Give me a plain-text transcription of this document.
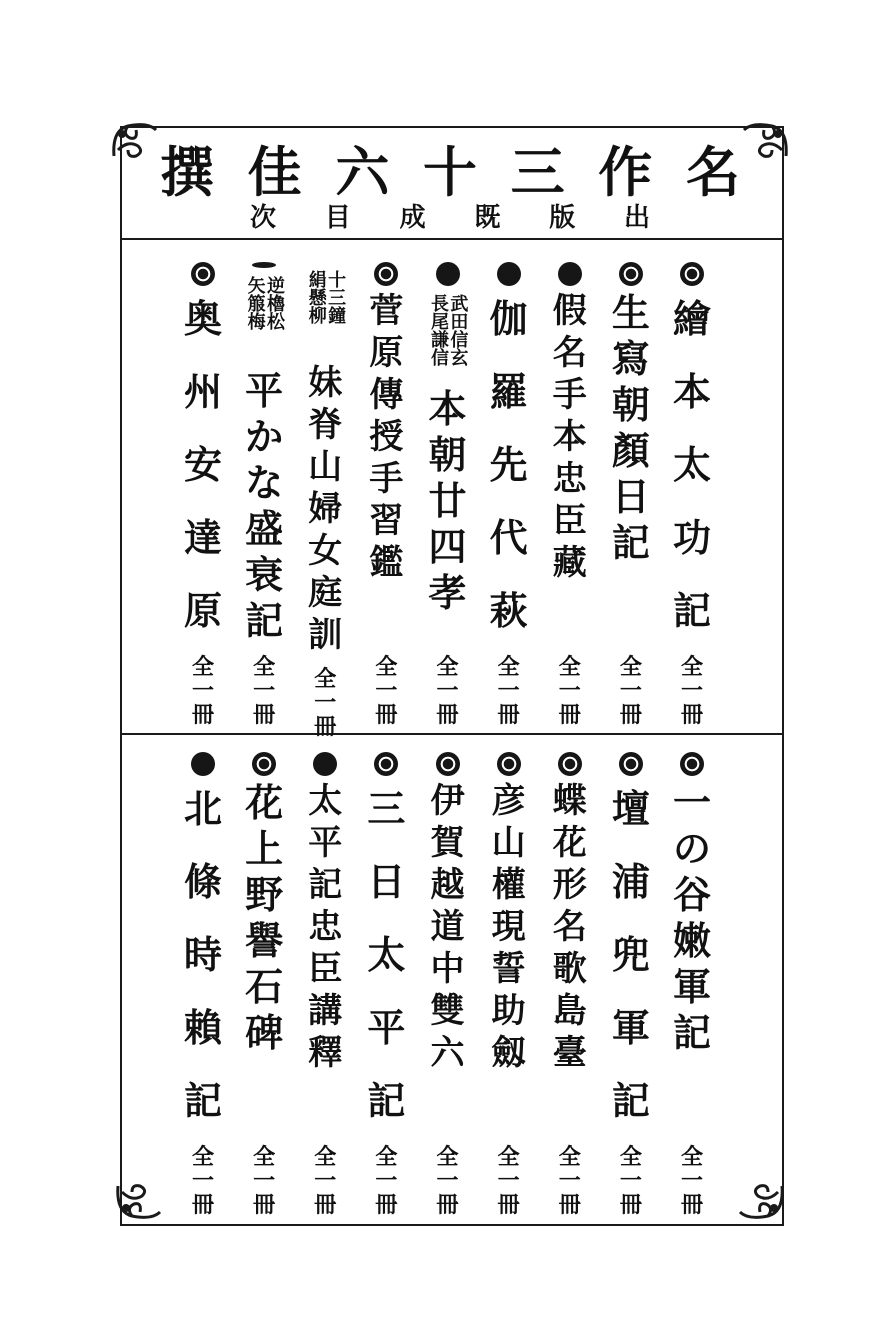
名
作
三
十
六
佳
撰
出
版
既
成
目
次
繪
本
太
功
記
全
一
冊
生
寫
朝
顏
日
記
全
一
冊
假
名
手
本
忠
臣
藏
全
一
冊
伽
羅
先
代
萩
全
一
冊
武田信玄
長尾謙信
本
朝
廿
四
孝
全
一
冊
菅
原
傳
授
手
習
鑑
全
一
冊
十三鐘
絹懸柳
妹
脊
山
婦
女
庭
訓
全
一
冊
逆櫓松
矢箙梅
平
か
な
盛
衰
記
全
一
冊
奥
州
安
達
原
全
一
冊
一
の
谷
嫩
軍
記
全
一
冊
壇
浦
兜
軍
記
全
一
冊
蝶
花
形
名
歌
島
臺
全
一
冊
彦
山
權
現
誓
助
劔
全
一
冊
伊
賀
越
道
中
雙
六
全
一
冊
三
日
太
平
記
全
一
冊
太
平
記
忠
臣
講
釋
全
一
冊
花
上
野
譽
石
碑
全
一
冊
北
條
時
賴
記
全
一
冊
